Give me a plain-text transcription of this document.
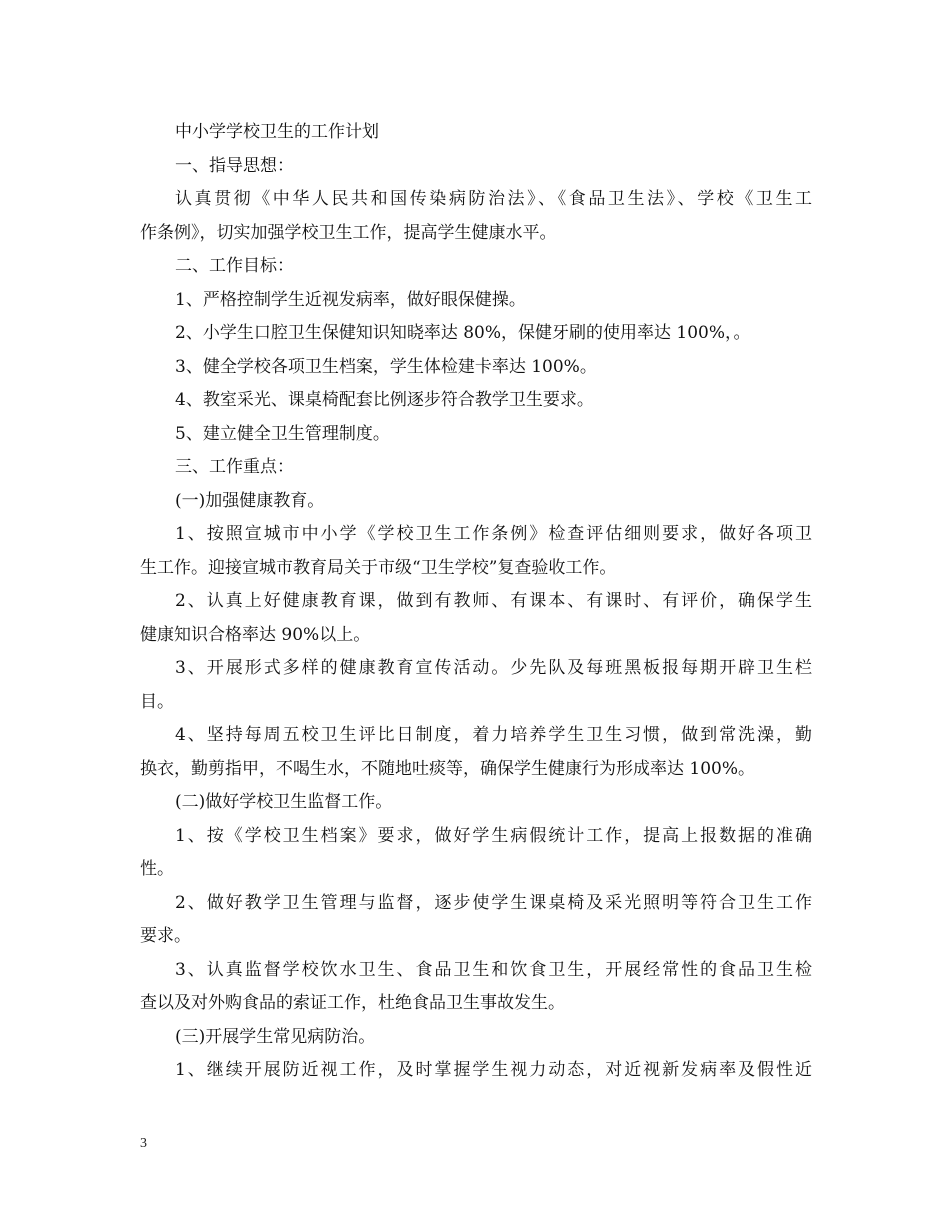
中小学学校卫生的工作计划
一、指导思想：
认真贯彻《中华人民共和国传染病防治法》、《食品卫生法》、学校《卫生工
作条例》，切实加强学校卫生工作，提高学生健康水平。
二、工作目标：
1、严格控制学生近视发病率，做好眼保健操。
2、小学生口腔卫生保健知识知晓率达 80%，保健牙刷的使用率达 100%，。
3、健全学校各项卫生档案，学生体检建卡率达 100%。
4、教室采光、课桌椅配套比例逐步符合教学卫生要求。
5、建立健全卫生管理制度。
三、工作重点：
(一)加强健康教育。
1、按照宣城市中小学《学校卫生工作条例》检查评估细则要求，做好各项卫
生工作。迎接宣城市教育局关于市级“卫生学校”复查验收工作。
2、认真上好健康教育课，做到有教师、有课本、有课时、有评价，确保学生
健康知识合格率达 90%以上。
3、开展形式多样的健康教育宣传活动。少先队及每班黑板报每期开辟卫生栏
目。
4、坚持每周五校卫生评比日制度，着力培养学生卫生习惯，做到常洗澡，勤
换衣，勤剪指甲，不喝生水，不随地吐痰等，确保学生健康行为形成率达 100%。
(二)做好学校卫生监督工作。
1、按《学校卫生档案》要求，做好学生病假统计工作，提高上报数据的准确
性。
2、做好教学卫生管理与监督，逐步使学生课桌椅及采光照明等符合卫生工作
要求。
3、认真监督学校饮水卫生、食品卫生和饮食卫生，开展经常性的食品卫生检
查以及对外购食品的索证工作，杜绝食品卫生事故发生。
(三)开展学生常见病防治。
1、继续开展防近视工作，及时掌握学生视力动态，对近视新发病率及假性近
3
